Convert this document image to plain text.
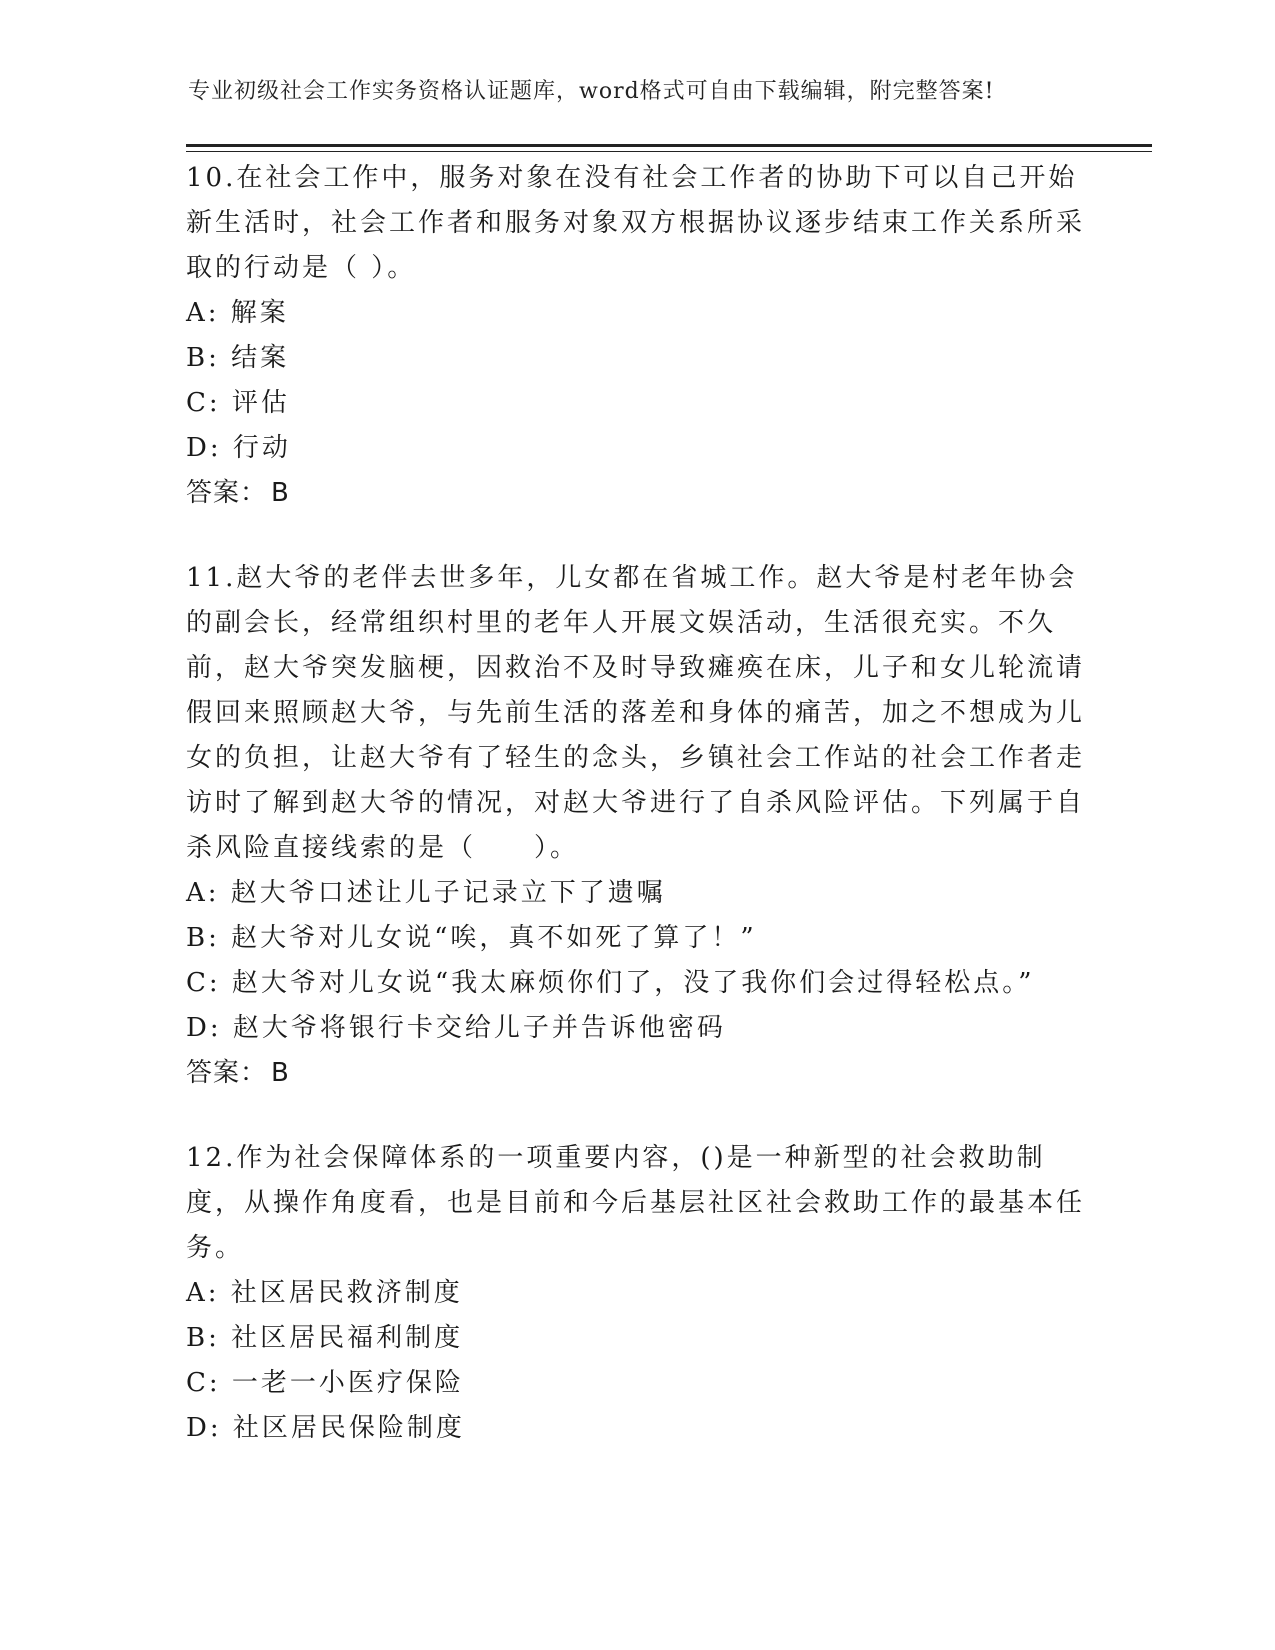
专业初级社会工作实务资格认证题库，word格式可自由下载编辑，附完整答案!

10.在社会工作中，服务对象在没有社会工作者的协助下可以自己开始新生活时，社会工作者和服务对象双方根据协议逐步结束工作关系所采取的行动是（ ）。

A: 解案
B: 结案
C: 评估
D: 行动
答案： B

11.赵大爷的老伴去世多年，儿女都在省城工作。赵大爷是村老年协会的副会长，经常组织村里的老年人开展文娱活动，生活很充实。不久前，赵大爷突发脑梗，因救治不及时导致瘫痪在床，儿子和女儿轮流请假回来照顾赵大爷，与先前生活的落差和身体的痛苦，加之不想成为儿女的负担，让赵大爷有了轻生的念头，乡镇社会工作站的社会工作者走访时了解到赵大爷的情况，对赵大爷进行了自杀风险评估。下列属于自杀风险直接线索的是（　　）。

A: 赵大爷口述让儿子记录立下了遗嘱
B: 赵大爷对儿女说“唉，真不如死了算了！”
C: 赵大爷对儿女说“我太麻烦你们了，没了我你们会过得轻松点。”
D: 赵大爷将银行卡交给儿子并告诉他密码
答案： B

12.作为社会保障体系的一项重要内容，()是一种新型的社会救助制度，从操作角度看，也是目前和今后基层社区社会救助工作的最基本任务。

A: 社区居民救济制度
B: 社区居民福利制度
C: 一老一小医疗保险
D: 社区居民保险制度
